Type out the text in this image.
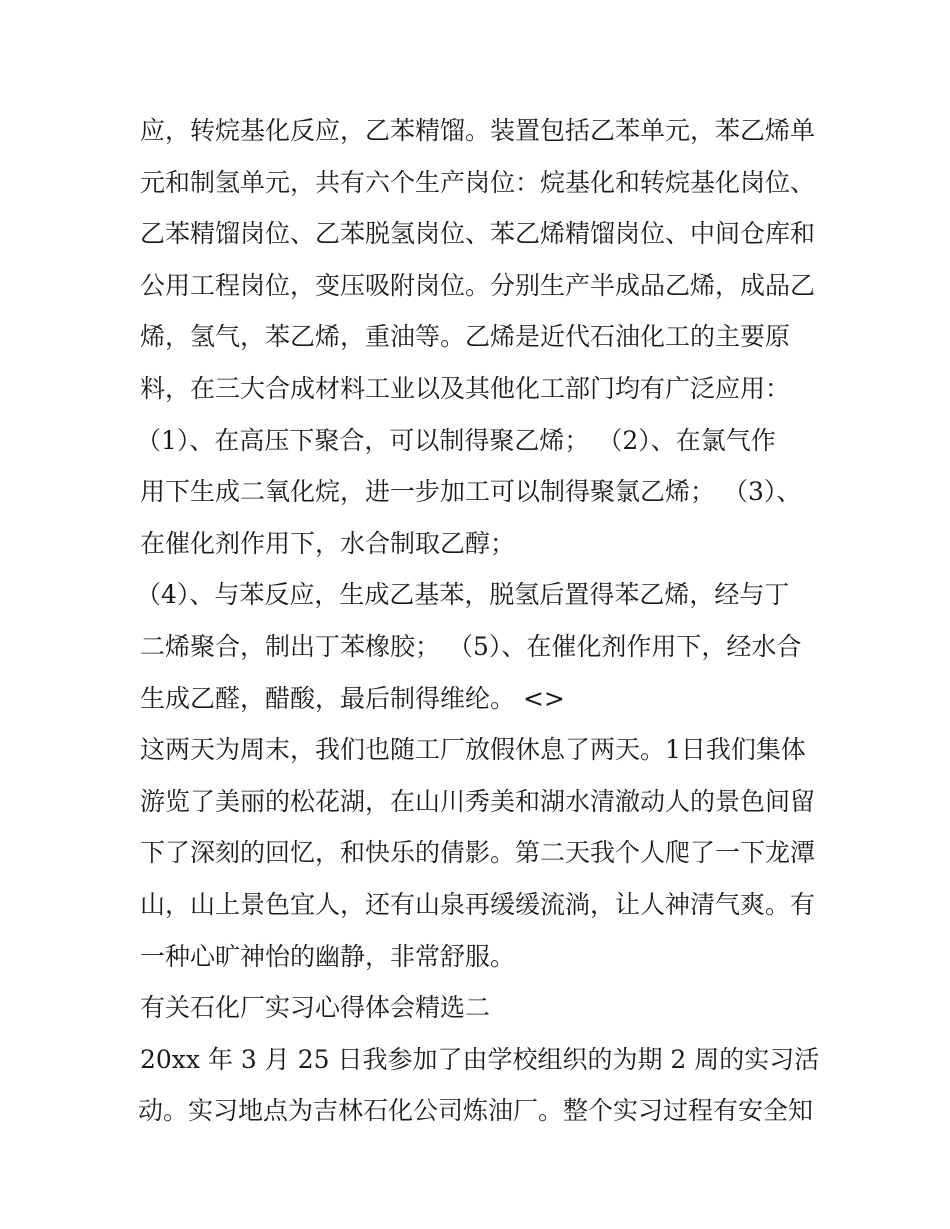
应，转烷基化反应，乙苯精馏。装置包括乙苯单元，苯乙烯单
元和制氢单元，共有六个生产岗位：烷基化和转烷基化岗位、
乙苯精馏岗位、乙苯脱氢岗位、苯乙烯精馏岗位、中间仓库和
公用工程岗位，变压吸附岗位。分别生产半成品乙烯，成品乙
烯，氢气，苯乙烯，重油等。乙烯是近代石油化工的主要原
料，在三大合成材料工业以及其他化工部门均有广泛应用：
（1）、在高压下聚合，可以制得聚乙烯； （2）、在氯气作
用下生成二氧化烷，进一步加工可以制得聚氯乙烯； （3）、
在催化剂作用下，水合制取乙醇；
（4）、与苯反应，生成乙基苯，脱氢后置得苯乙烯，经与丁
二烯聚合，制出丁苯橡胶； （5）、在催化剂作用下，经水合
生成乙醛，醋酸，最后制得维纶。 <>
这两天为周末，我们也随工厂放假休息了两天。1日我们集体
游览了美丽的松花湖，在山川秀美和湖水清澈动人的景色间留
下了深刻的回忆，和快乐的倩影。第二天我个人爬了一下龙潭
山，山上景色宜人，还有山泉再缓缓流淌，让人神清气爽。有
一种心旷神怡的幽静，非常舒服。
有关石化厂实习心得体会精选二
20xx 年 3 月 25 日我参加了由学校组织的为期 2 周的实习活
动。实习地点为吉林石化公司炼油厂。整个实习过程有安全知
